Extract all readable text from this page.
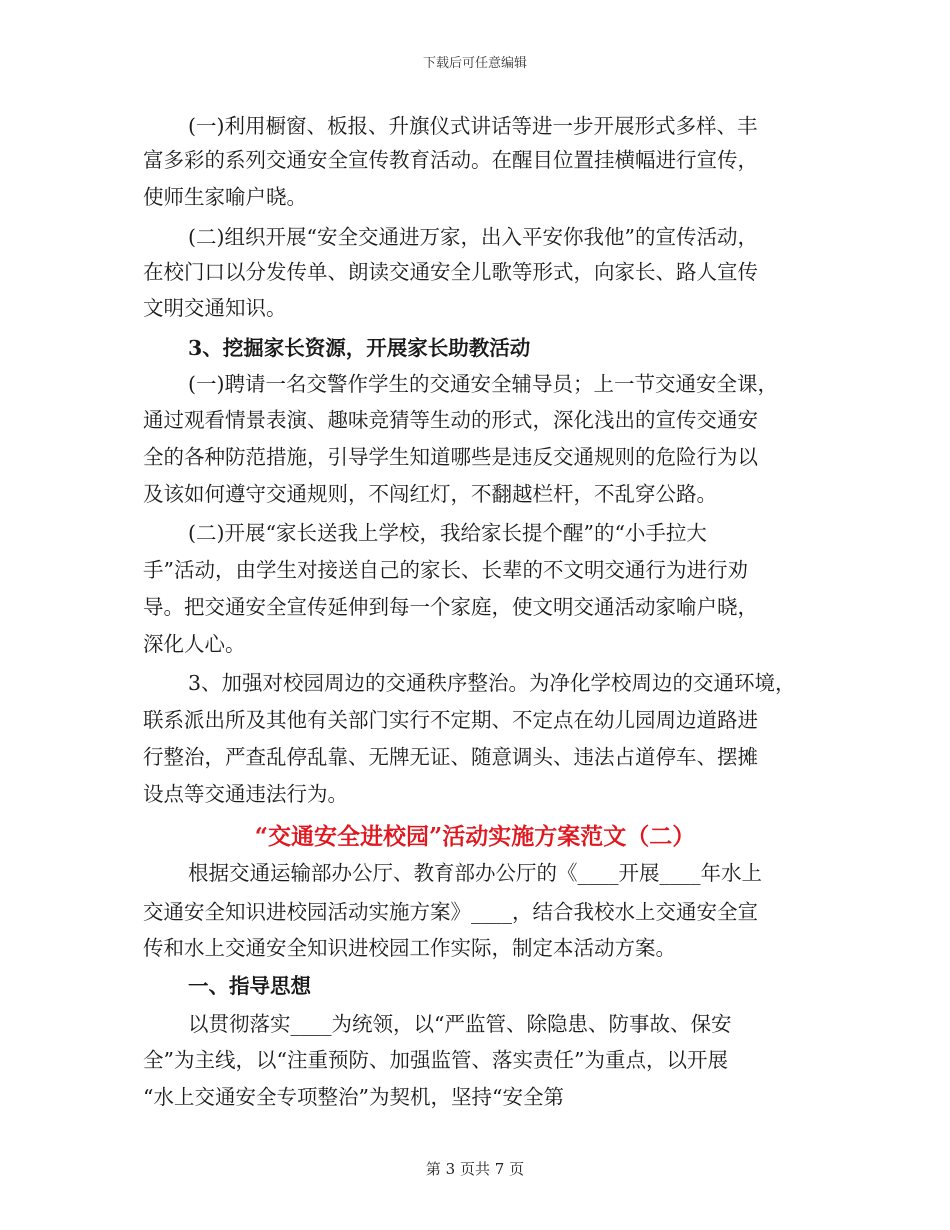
下载后可任意编辑
(一)利用橱窗、板报、升旗仪式讲话等进一步开展形式多样、丰
富多彩的系列交通安全宣传教育活动。在醒目位置挂横幅进行宣传，
使师生家喻户晓。
(二)组织开展“安全交通进万家，出入平安你我他”的宣传活动，
在校门口以分发传单、朗读交通安全儿歌等形式，向家长、路人宣传
文明交通知识。
3、挖掘家长资源，开展家长助教活动
(一)聘请一名交警作学生的交通安全辅导员；上一节交通安全课，
通过观看情景表演、趣味竞猜等生动的形式，深化浅出的宣传交通安
全的各种防范措施，引导学生知道哪些是违反交通规则的危险行为以
及该如何遵守交通规则，不闯红灯，不翻越栏杆，不乱穿公路。
(二)开展“家长送我上学校，我给家长提个醒”的“小手拉大
手”活动，由学生对接送自己的家长、长辈的不文明交通行为进行劝
导。把交通安全宣传延伸到每一个家庭，使文明交通活动家喻户晓，
深化人心。
3、加强对校园周边的交通秩序整治。为净化学校周边的交通环境，
联系派出所及其他有关部门实行不定期、不定点在幼儿园周边道路进
行整治，严查乱停乱靠、无牌无证、随意调头、违法占道停车、摆摊
设点等交通违法行为。
“交通安全进校园”活动实施方案范文（二）
根据交通运输部办公厅、教育部办公厅的《____开展____年水上
交通安全知识进校园活动实施方案》____，结合我校水上交通安全宣
传和水上交通安全知识进校园工作实际，制定本活动方案。
一、指导思想
以贯彻落实____为统领，以“严监管、除隐患、防事故、保安
全”为主线，以“注重预防、加强监管、落实责任”为重点，以开展
“水上交通安全专项整治”为契机，坚持“安全第
第 3 页共 7 页
